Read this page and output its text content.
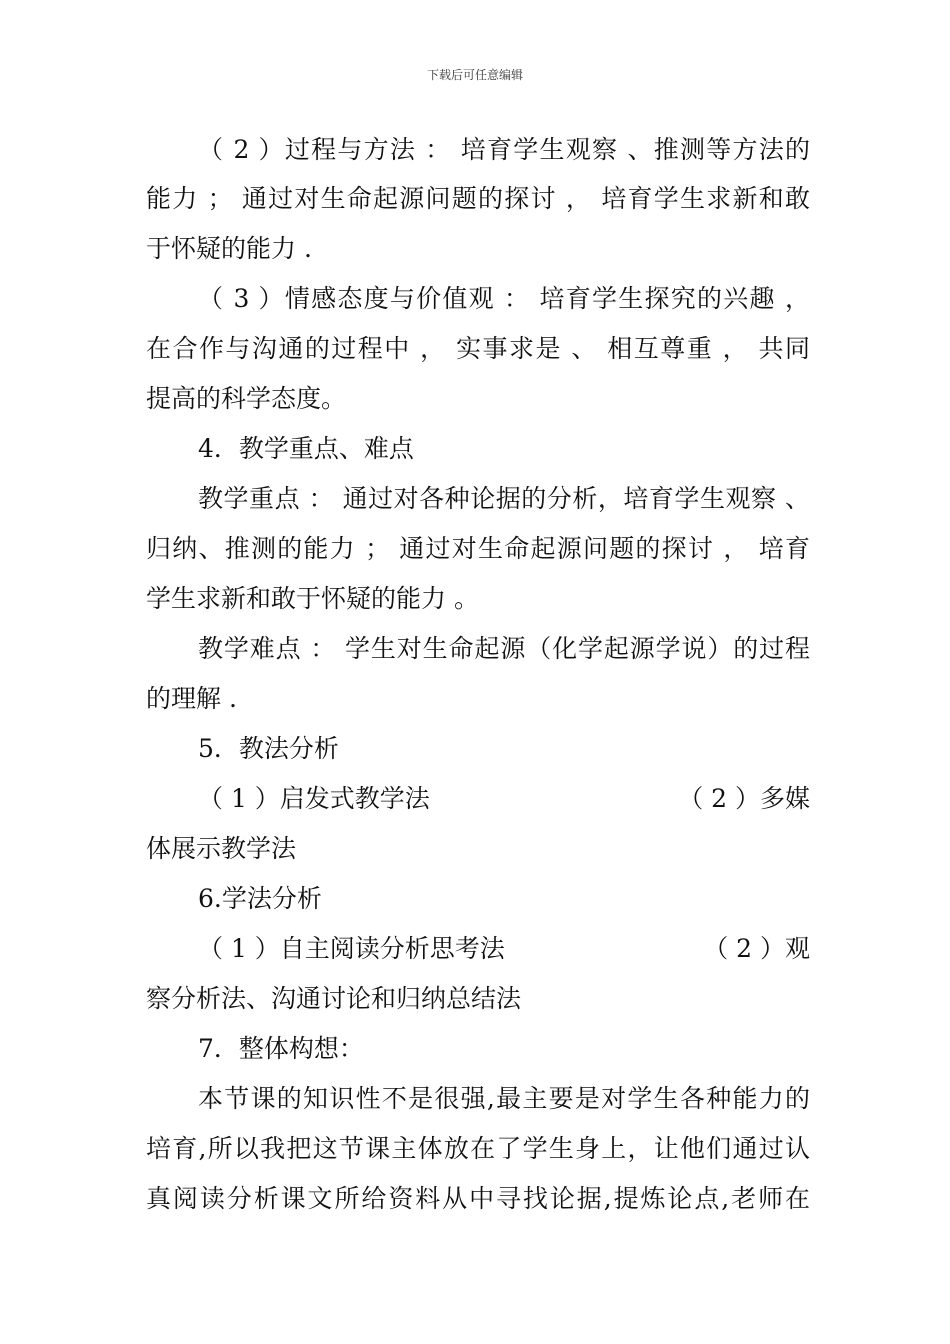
下载后可任意编辑
（ 2 ）过程与方法 ： 培育学生观察 、推测等方法的
能力 ； 通过对生命起源问题的探讨 ， 培育学生求新和敢
于怀疑的能力 .
（ 3 ）情感态度与价值观 ： 培育学生探究的兴趣 ，
在合作与沟通的过程中 ， 实事求是 、 相互尊重 ， 共同
提高的科学态度。
4．教学重点、难点
教学重点 ： 通过对各种论据的分析，培育学生观察 、
归纳、推测的能力 ； 通过对生命起源问题的探讨 ， 培育
学生求新和敢于怀疑的能力 。
教学难点 ： 学生对生命起源（化学起源学说）的过程
的理解 .
5．教法分析
（ 1 ）启发式教学法	（ 2 ）多媒
体展示教学法
6.学法分析
（ 1 ）自主阅读分析思考法	（ 2 ）观
察分析法、沟通讨论和归纳总结法
7．整体构想：
本节课的知识性不是很强,最主要是对学生各种能力的
培育,所以我把这节课主体放在了学生身上，让他们通过认
真阅读分析课文所给资料从中寻找论据,提炼论点,老师在
